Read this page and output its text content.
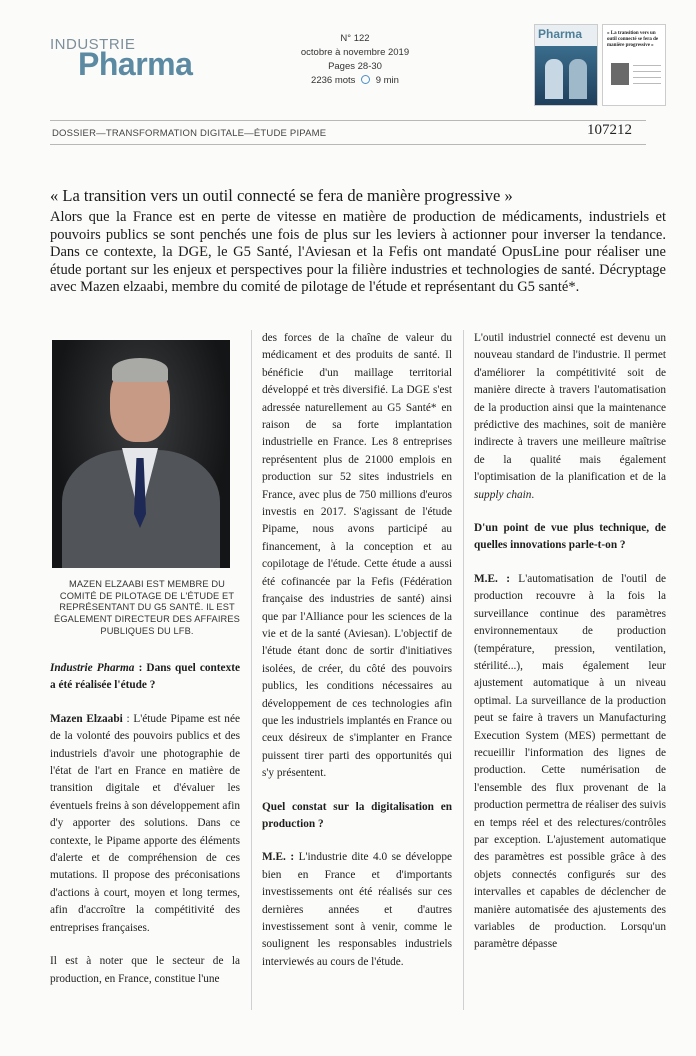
INDUSTRIE
Pharma
N° 122
octobre à novembre 2019
Pages 28-30
2236 mots 9 min
Pharma	« La transition vers un outil connecté se fera de manière progressive »
DOSSIER—TRANSFORMATION DIGITALE—ÉTUDE PIPAME	107212
« La transition vers un outil connecté se fera de manière progressive »
Alors que la France est en perte de vitesse en matière de production de médicaments, industriels et pouvoirs publics se sont penchés une fois de plus sur les leviers à actionner pour inverser la tendance. Dans ce contexte, la DGE, le G5 Santé, l'Aviesan et la Fefis ont mandaté OpusLine pour réaliser une étude portant sur les enjeux et perspectives pour la filière industries et technologies de santé. Décryptage avec Mazen elzaabi, membre du comité de pilotage de l'étude et représentant du G5 santé*.
MAZEN ELZAABI EST MEMBRE DU COMITÉ DE PILOTAGE DE L'ÉTUDE ET REPRÉSENTANT DU G5 SANTÉ. IL EST ÉGALEMENT DIRECTEUR DES AFFAIRES PUBLIQUES DU LFB.

Industrie Pharma : Dans quel contexte a été réalisée l'étude ?

Mazen Elzaabi : L'étude Pipame est née de la volonté des pouvoirs publics et des industriels d'avoir une photographie de l'état de l'art en France en matière de transition digitale et d'évaluer les éventuels freins à son développement afin d'y apporter des solutions. Dans ce contexte, le Pipame apporte des éléments d'alerte et de compréhension de ces mutations. Il propose des préconisations d'actions à court, moyen et long termes, afin d'accroître la compétitivité des entreprises françaises.

Il est à noter que le secteur de la production, en France, constitue l'une

des forces de la chaîne de valeur du médicament et des produits de santé. Il bénéficie d'un maillage territorial développé et très diversifié. La DGE s'est adressée naturellement au G5 Santé* en raison de sa forte implantation industrielle en France. Les 8 entreprises représentent plus de 21000 emplois en production sur 52 sites industriels en France, avec plus de 750 millions d'euros investis en 2017. S'agissant de l'étude Pipame, nous avons participé au financement, à la conception et au copilotage de l'étude. Cette étude a aussi été cofinancée par la Fefis (Fédération française des industries de santé) ainsi que par l'Alliance pour les sciences de la vie et de la santé (Aviesan). L'objectif de l'étude étant donc de sortir d'initiatives isolées, de créer, du côté des pouvoirs publics, les conditions nécessaires au développement de ces technologies afin que les industriels implantés en France ou ceux désireux de s'implanter en France puissent tirer parti des opportunités qui s'y présentent.

Quel constat sur la digitalisation en production ?

M.E. : L'industrie dite 4.0 se développe bien en France et d'importants investissements ont été réalisés sur ces dernières années et d'autres investissement sont à venir, comme le soulignent les responsables industriels interviewés au cours de l'étude.

L'outil industriel connecté est devenu un nouveau standard de l'industrie. Il permet d'améliorer la compétitivité soit de manière directe à travers l'automatisation de la production ainsi que la maintenance prédictive des machines, soit de manière indirecte à travers une meilleure maîtrise de la qualité mais également l'optimisation de la planification et de la supply chain.

D'un point de vue plus technique, de quelles innovations parle-t-on ?

M.E. : L'automatisation de l'outil de production recouvre à la fois la surveillance continue des paramètres environnementaux de production (température, pression, ventilation, stérilité...), mais également leur ajustement automatique à un niveau optimal. La surveillance de la production peut se faire à travers un Manufacturing Execution System (MES) permettant de recueillir l'information des lignes de production. Cette numérisation de l'ensemble des flux provenant de la production permettra de réaliser des suivis en temps réel et des relectures/contrôles par exception. L'ajustement automatique des paramètres est possible grâce à des objets connectés configurés sur des intervalles et capables de déclencher de manière automatisée des ajustements des variables de production. Lorsqu'un paramètre dépasse
